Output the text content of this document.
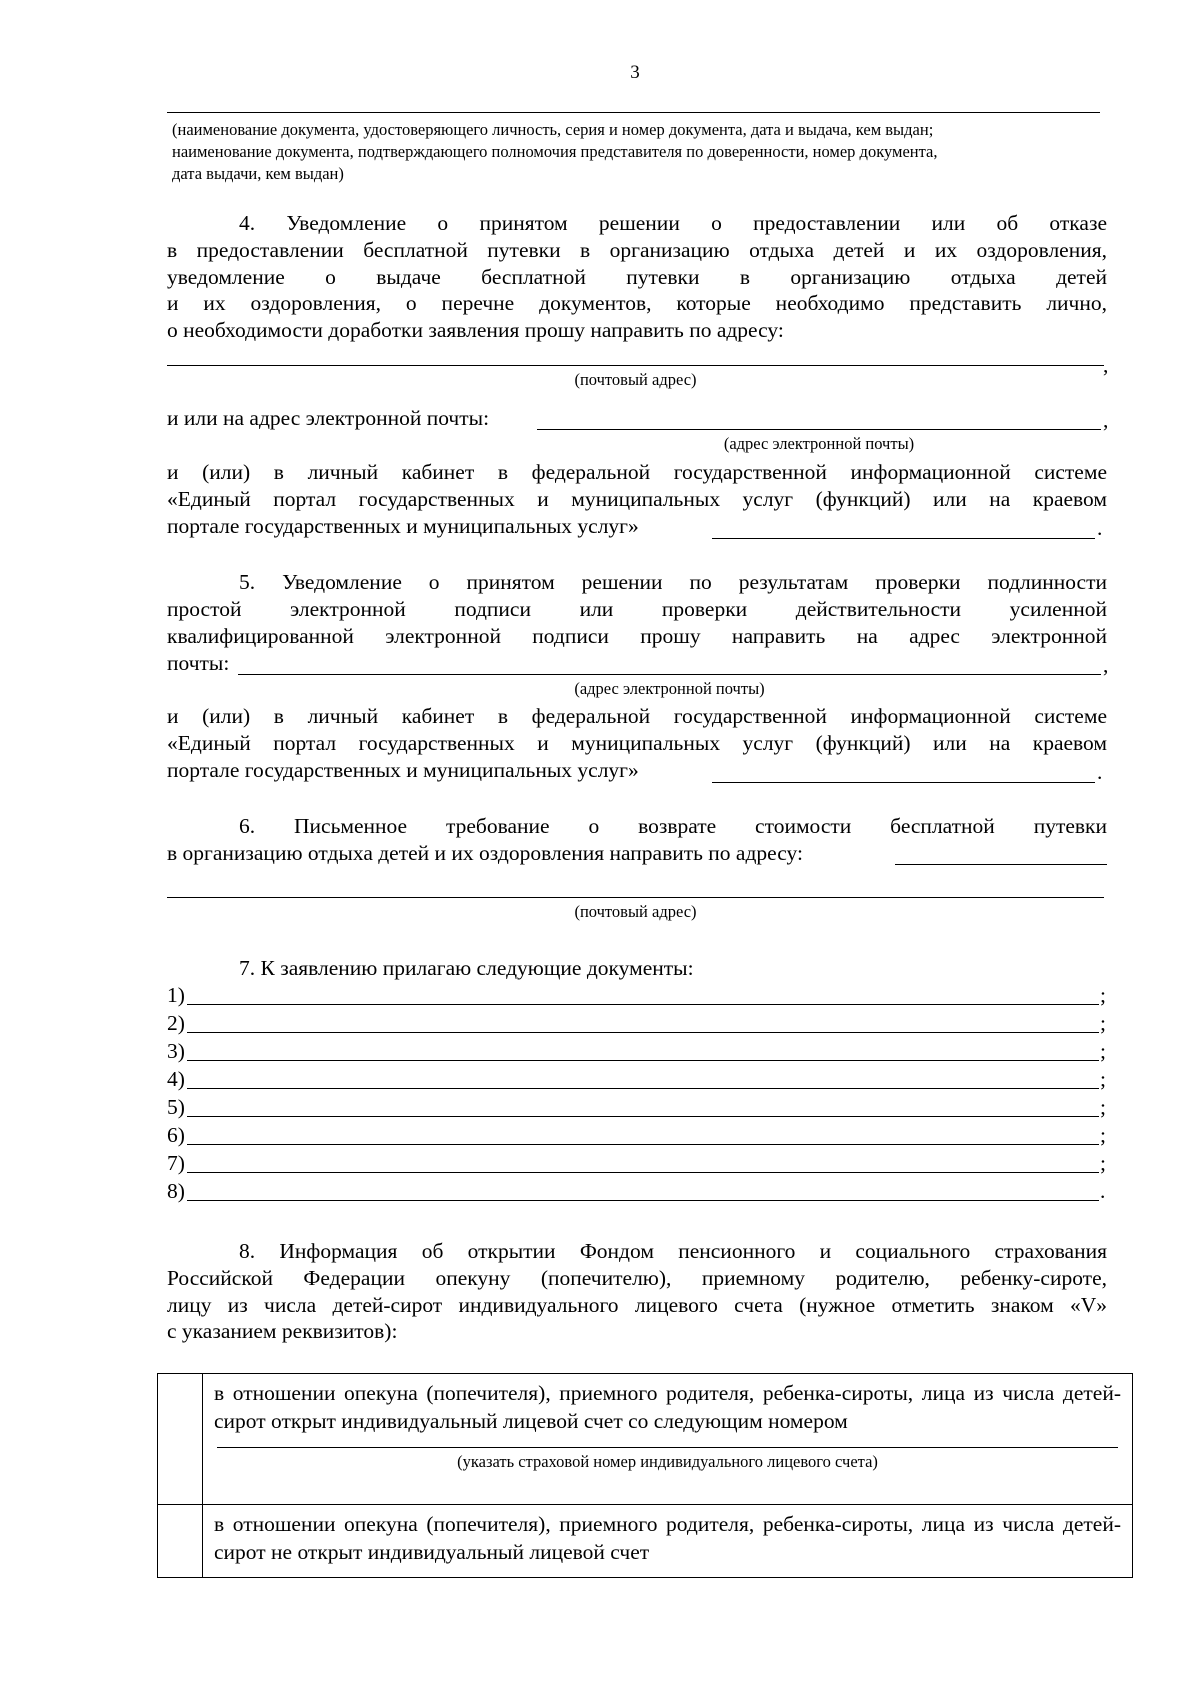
3
(наименование документа, удостоверяющего личность, серия и номер документа, дата и выдача, кем выдан;
наименование документа, подтверждающего полномочия представителя по доверенности, номер документа,
дата выдачи, кем выдан)
4. Уведомление о принятом решении о предоставлении или об отказе
в предоставлении бесплатной путевки в организацию отдыха детей и их оздоровления,
уведомление о выдаче бесплатной путевки в организацию отдыха детей
и их оздоровления, о перечне документов, которые необходимо представить лично,
о необходимости доработки заявления прошу направить по адресу:
,
(почтовый адрес)
и или на адрес электронной почты:	,
(адрес электронной почты)
и (или) в личный кабинет в федеральной государственной информационной системе
«Единый портал государственных и муниципальных услуг (функций) или на краевом
портале государственных и муниципальных услуг»	.
5. Уведомление о принятом решении по результатам проверки подлинности
простой электронной подписи или проверки действительности усиленной
квалифицированной электронной подписи прошу направить на адрес электронной
почты:	,
(адрес электронной почты)
и (или) в личный кабинет в федеральной государственной информационной системе
«Единый портал государственных и муниципальных услуг (функций) или на краевом
портале государственных и муниципальных услуг»	.
6. Письменное требование о возврате стоимости бесплатной путевки
в организацию отдыха детей и их оздоровления направить по адресу:
(почтовый адрес)
7. К заявлению прилагаю следующие документы:
1)	;
2)	;
3)	;
4)	;
5)	;
6)	;
7)	;
8)	.
8. Информация об открытии Фондом пенсионного и социального страхования
Российской Федерации опекуну (попечителю), приемному родителю, ребенку-сироте,
лицу из числа детей-сирот индивидуального лицевого счета (нужное отметить знаком «V»
с указанием реквизитов):

	в отношении опекуна (попечителя), приемного родителя, ребенка-сироты, лица из числа детей-сирот открыт индивидуальный лицевой счет со следующим номером
(указать страховой номер индивидуального лицевого счета)

	в отношении опекуна (попечителя), приемного родителя, ребенка-сироты, лица из числа детей-сирот не открыт индивидуальный лицевой счет
